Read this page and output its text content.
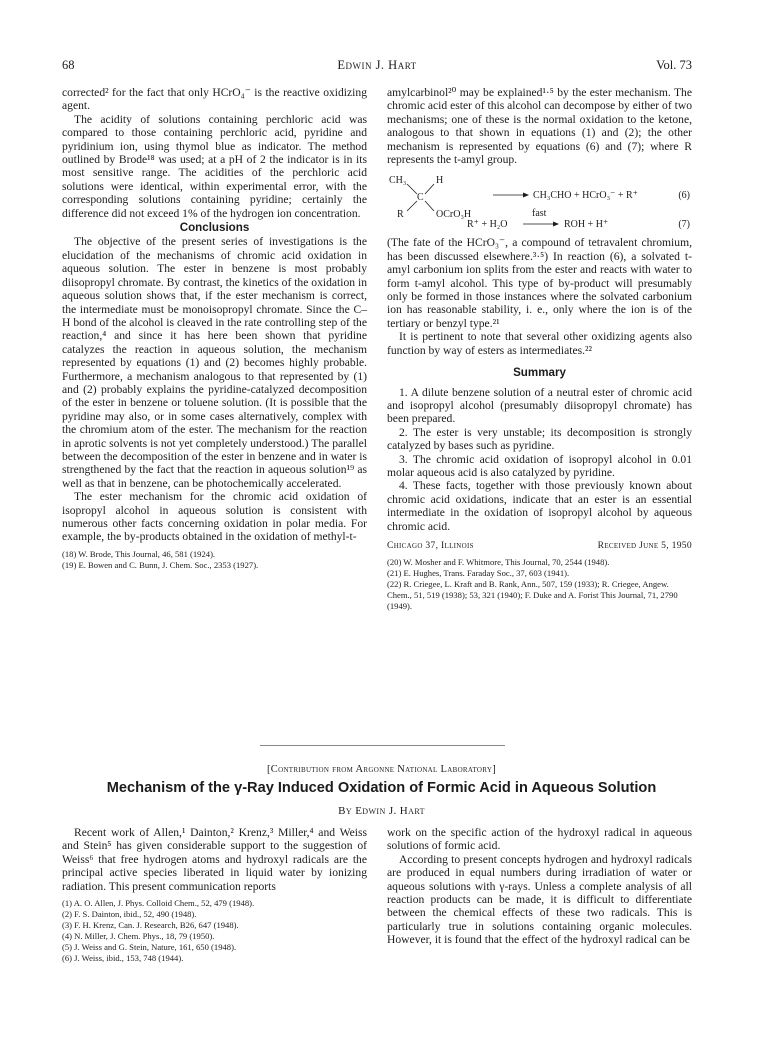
68	Edwin J. Hart	Vol. 73

corrected² for the fact that only HCrO₄⁻ is the reactive oxidizing agent.

The acidity of solutions containing perchloric acid was compared to those containing perchloric acid, pyridine and pyridinium ion, using thymol blue as indicator. The method outlined by Brode¹⁸ was used; at a pH of 2 the indicator is in its most sensitive range. The acidities of the perchloric acid solutions were identical, within experimental error, with the corresponding solutions containing pyridine; certainly the difference did not exceed 1% of the hydrogen ion concentration.

Conclusions

The objective of the present series of investigations is the elucidation of the mechanisms of chromic acid oxidation in aqueous solution. The ester in benzene is most probably diisopropyl chromate. By contrast, the kinetics of the oxidation in aqueous solution shows that, if the ester mechanism is correct, the intermediate must be monoisopropyl chromate. Since the C–H bond of the alcohol is cleaved in the rate controlling step of the reaction,⁴ and since it has here been shown that pyridine catalyzes the reaction in aqueous solution, the mechanism represented by equations (1) and (2) becomes highly probable. Furthermore, a mechanism analogous to that represented by (1) and (2) probably explains the pyridine-catalyzed decomposition of the ester in benzene or toluene solution. (It is possible that the pyridine may also, or in some cases alternatively, complex with the chromium atom of the ester. The mechanism for the reaction in aprotic solvents is not yet completely understood.) The parallel between the decomposition of the ester in benzene and in water is strengthened by the fact that the reaction in aqueous solution¹⁹ as well as that in benzene, can be photochemically accelerated.

The ester mechanism for the chromic acid oxidation of isopropyl alcohol in aqueous solution is consistent with numerous other facts concerning oxidation in polar media. For example, the by-products obtained in the oxidation of methyl-t-

(18) W. Brode, This Journal, 46, 581 (1924).
(19) E. Bowen and C. Bunn, J. Chem. Soc., 2353 (1927).

amylcarbinol²⁰ may be explained¹·⁵ by the ester mechanism. The chromic acid ester of this alcohol can decompose by either of two mechanisms; one of these is the normal oxidation to the ketone, analogous to that shown in equations (1) and (2); the other mechanism is represented by equations (6) and (7); where R represents the t-amyl group.

CH₃	H
C
R	OCrO₃H
CH₃CHO + HCrO₃⁻ + R⁺	(6)
fast
R⁺ + H₂O	ROH + H⁺	(7)

(The fate of the HCrO₃⁻, a compound of tetravalent chromium, has been discussed elsewhere.³·⁵) In reaction (6), a solvated t-amyl carbonium ion splits from the ester and reacts with water to form t-amyl alcohol. This type of by-product will presumably only be formed in those instances where the solvated carbonium ion has reasonable stability, i. e., only where the ion is of the tertiary or benzyl type.²¹

It is pertinent to note that several other oxidizing agents also function by way of esters as intermediates.²²

Summary

1. A dilute benzene solution of a neutral ester of chromic acid and isopropyl alcohol (presumably diisopropyl chromate) has been prepared.

2. The ester is very unstable; its decomposition is strongly catalyzed by bases such as pyridine.

3. The chromic acid oxidation of isopropyl alcohol in 0.01 molar aqueous acid is also catalyzed by pyridine.

4. These facts, together with those previously known about chromic acid oxidations, indicate that an ester is an essential intermediate in the oxidation of isopropyl alcohol by aqueous chromic acid.

Chicago 37, Illinois	Received June 5, 1950
(20) W. Mosher and F. Whitmore, This Journal, 70, 2544 (1948).
(21) E. Hughes, Trans. Faraday Soc., 37, 603 (1941).
(22) R. Criegee, L. Kraft and B. Rank, Ann., 507, 159 (1933); R. Criegee, Angew. Chem., 51, 519 (1938); 53, 321 (1940); F. Duke and A. Forist This Journal, 71, 2790 (1949).
[Contribution from Argonne National Laboratory]
Mechanism of the γ-Ray Induced Oxidation of Formic Acid in Aqueous Solution
By Edwin J. Hart

Recent work of Allen,¹ Dainton,² Krenz,³ Miller,⁴ and Weiss and Stein⁵ has given considerable support to the suggestion of Weiss⁶ that free hydrogen atoms and hydroxyl radicals are the principal active species liberated in liquid water by ionizing radiation. This present communication reports

(1) A. O. Allen, J. Phys. Colloid Chem., 52, 479 (1948).
(2) F. S. Dainton, ibid., 52, 490 (1948).
(3) F. H. Krenz, Can. J. Research, B26, 647 (1948).
(4) N. Miller, J. Chem. Phys., 18, 79 (1950).
(5) J. Weiss and G. Stein, Nature, 161, 650 (1948).
(6) J. Weiss, ibid., 153, 748 (1944).

work on the specific action of the hydroxyl radical in aqueous solutions of formic acid.

According to present concepts hydrogen and hydroxyl radicals are produced in equal numbers during irradiation of water or aqueous solutions with γ-rays. Unless a complete analysis of all reaction products can be made, it is difficult to differentiate between the chemical effects of these two radicals. This is particularly true in solutions containing organic molecules. However, it is found that the effect of the hydroxyl radical can be
